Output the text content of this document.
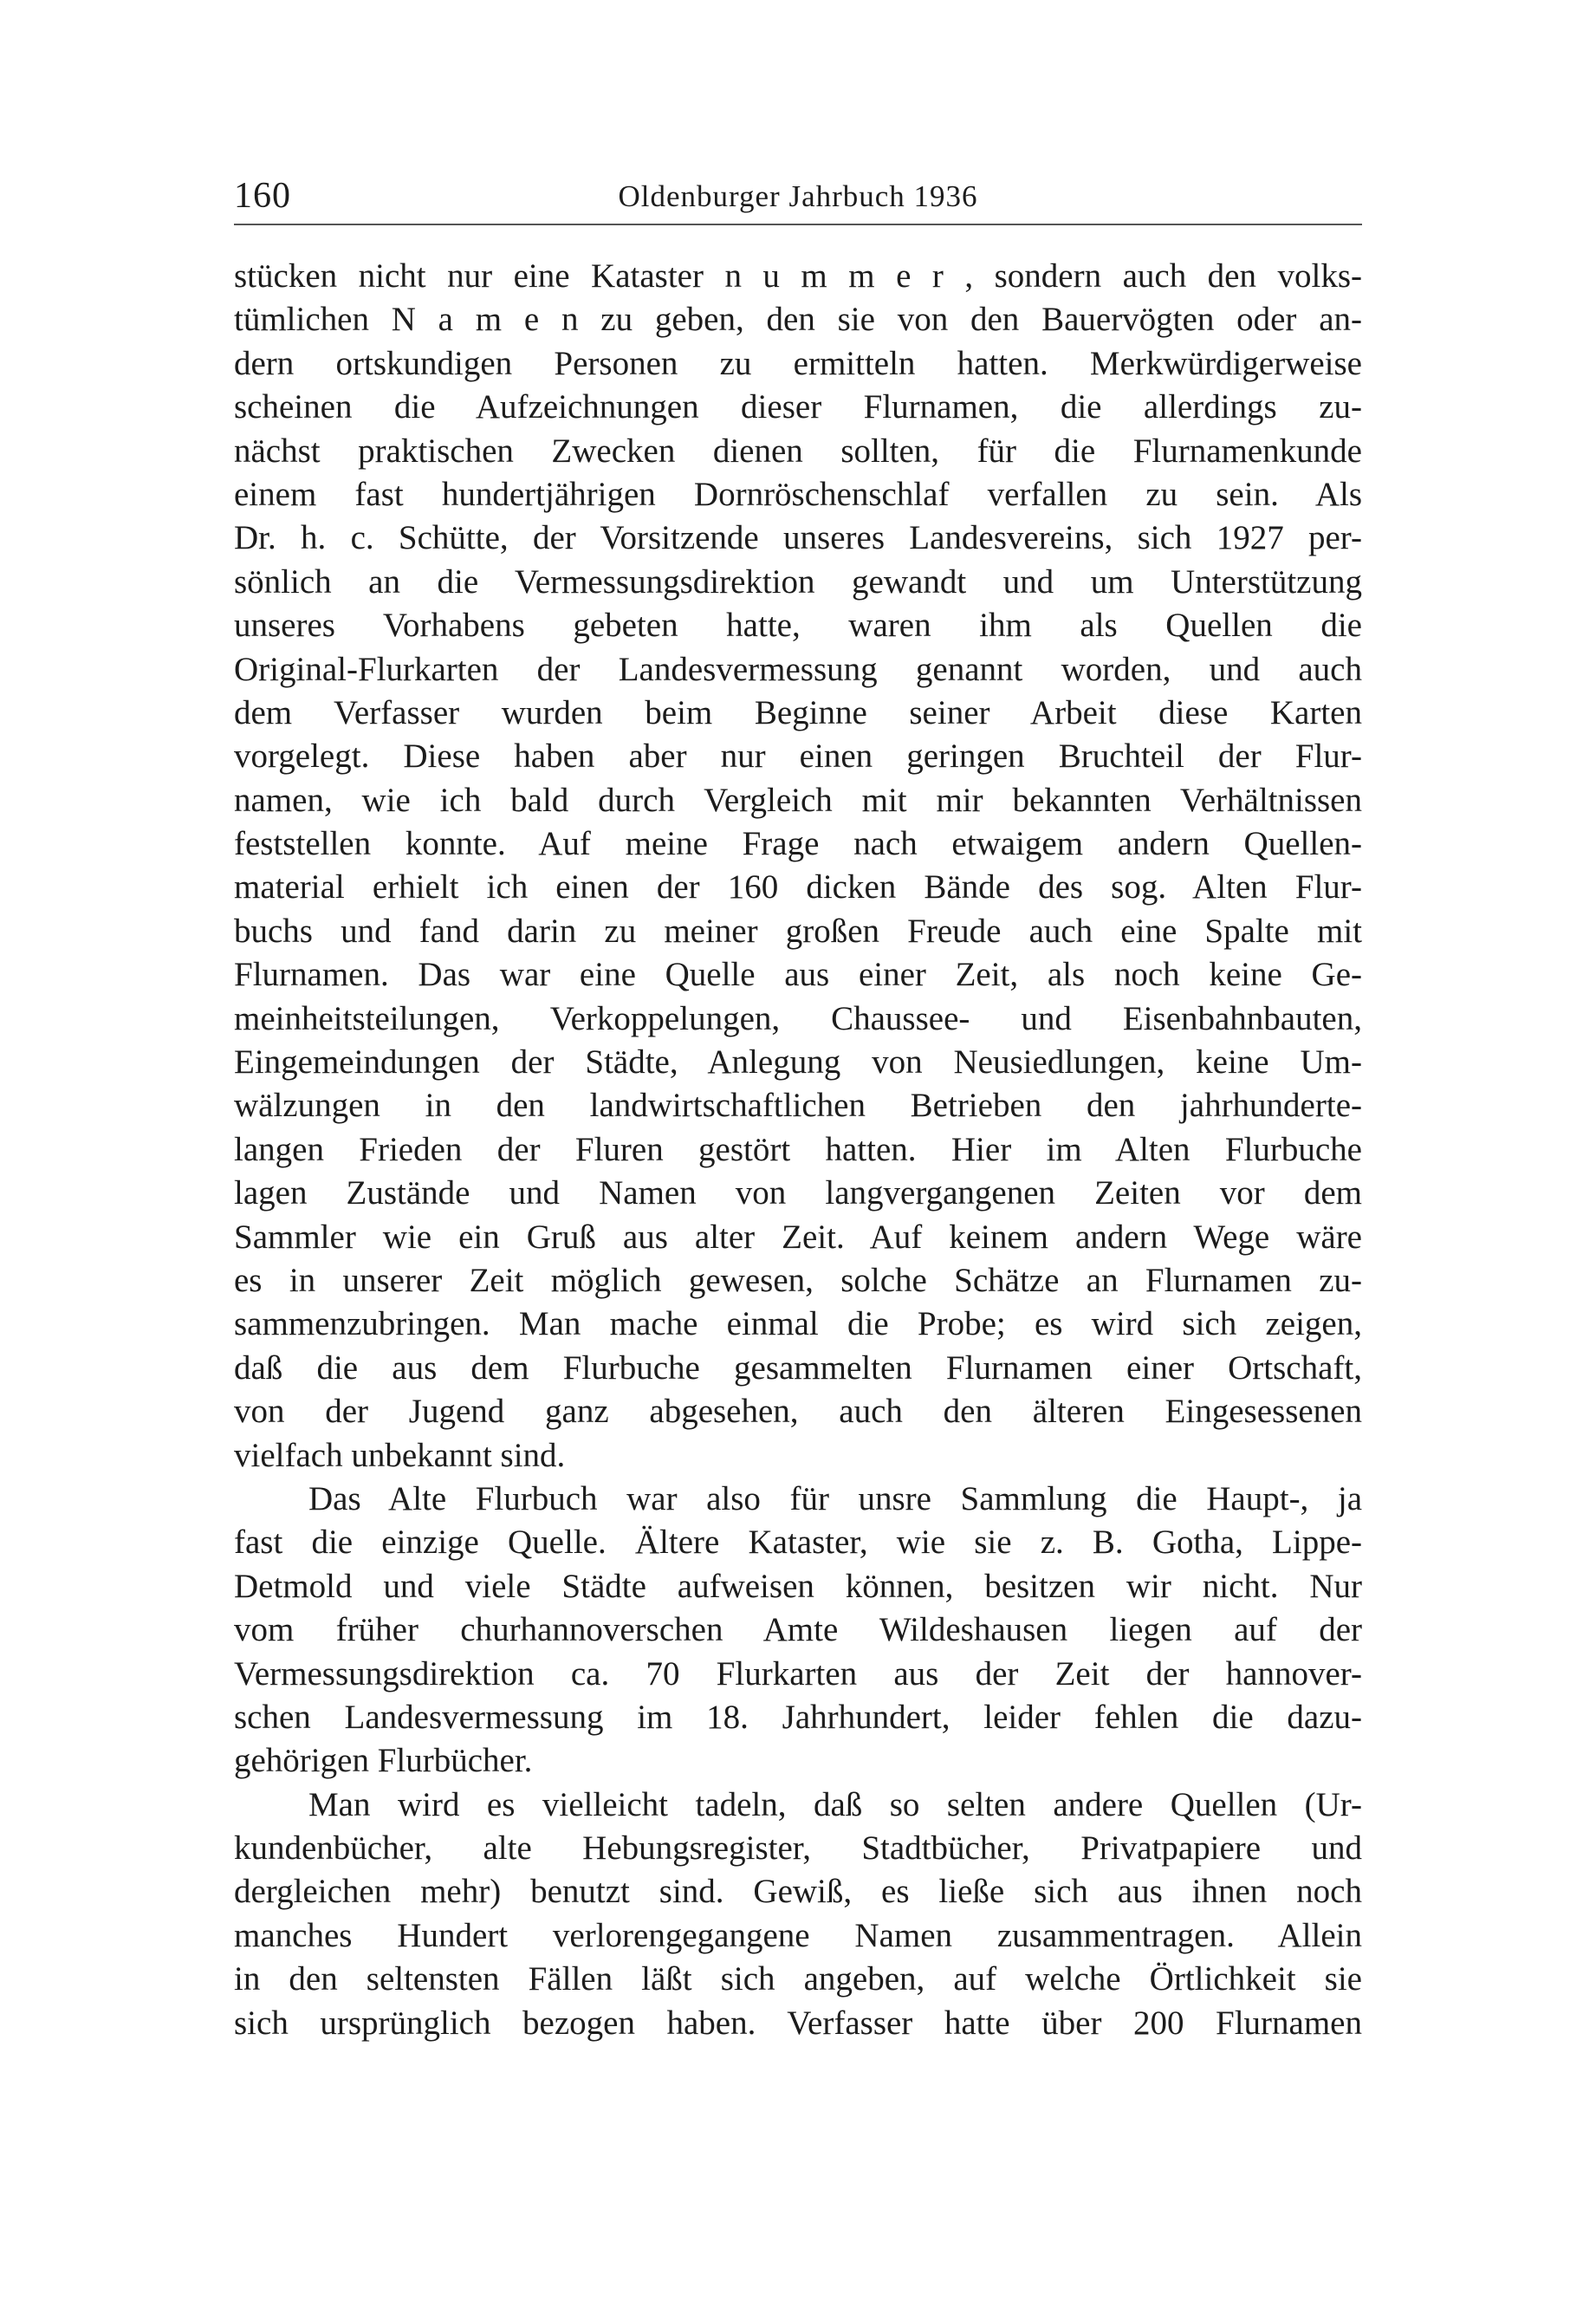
160	Oldenburger Jahrbuch 1936
stücken nicht nur eine Kataster n u m m e r , sondern auch den volks-
tümlichen N a m e n zu geben, den sie von den Bauervögten oder an-
dern ortskundigen Personen zu ermitteln hatten. Merkwürdigerweise
scheinen die Aufzeichnungen dieser Flurnamen, die allerdings zu-
nächst praktischen Zwecken dienen sollten, für die Flurnamenkunde
einem fast hundertjährigen Dornröschenschlaf verfallen zu sein. Als
Dr. h. c. Schütte, der Vorsitzende unseres Landesvereins, sich 1927 per-
sönlich an die Vermessungsdirektion gewandt und um Unterstützung
unseres Vorhabens gebeten hatte, waren ihm als Quellen die
Original-Flurkarten der Landesvermessung genannt worden, und auch
dem Verfasser wurden beim Beginne seiner Arbeit diese Karten
vorgelegt. Diese haben aber nur einen geringen Bruchteil der Flur-
namen, wie ich bald durch Vergleich mit mir bekannten Verhältnissen
feststellen konnte. Auf meine Frage nach etwaigem andern Quellen-
material erhielt ich einen der 160 dicken Bände des sog. Alten Flur-
buchs und fand darin zu meiner großen Freude auch eine Spalte mit
Flurnamen. Das war eine Quelle aus einer Zeit, als noch keine Ge-
meinheitsteilungen, Verkoppelungen, Chaussee- und Eisenbahnbauten,
Eingemeindungen der Städte, Anlegung von Neusiedlungen, keine Um-
wälzungen in den landwirtschaftlichen Betrieben den jahrhunderte-
langen Frieden der Fluren gestört hatten. Hier im Alten Flurbuche
lagen Zustände und Namen von langvergangenen Zeiten vor dem
Sammler wie ein Gruß aus alter Zeit. Auf keinem andern Wege wäre
es in unserer Zeit möglich gewesen, solche Schätze an Flurnamen zu-
sammenzubringen. Man mache einmal die Probe; es wird sich zeigen,
daß die aus dem Flurbuche gesammelten Flurnamen einer Ortschaft,
von der Jugend ganz abgesehen, auch den älteren Eingesessenen
vielfach unbekannt sind.
Das Alte Flurbuch war also für unsre Sammlung die Haupt-, ja
fast die einzige Quelle. Ältere Kataster, wie sie z. B. Gotha, Lippe-
Detmold und viele Städte aufweisen können, besitzen wir nicht. Nur
vom früher churhannoverschen Amte Wildeshausen liegen auf der
Vermessungsdirektion ca. 70 Flurkarten aus der Zeit der hannover-
schen Landesvermessung im 18. Jahrhundert, leider fehlen die dazu-
gehörigen Flurbücher.
Man wird es vielleicht tadeln, daß so selten andere Quellen (Ur-
kundenbücher, alte Hebungsregister, Stadtbücher, Privatpapiere und
dergleichen mehr) benutzt sind. Gewiß, es ließe sich aus ihnen noch
manches Hundert verlorengegangene Namen zusammentragen. Allein
in den seltensten Fällen läßt sich angeben, auf welche Örtlichkeit sie
sich ursprünglich bezogen haben. Verfasser hatte über 200 Flurnamen
